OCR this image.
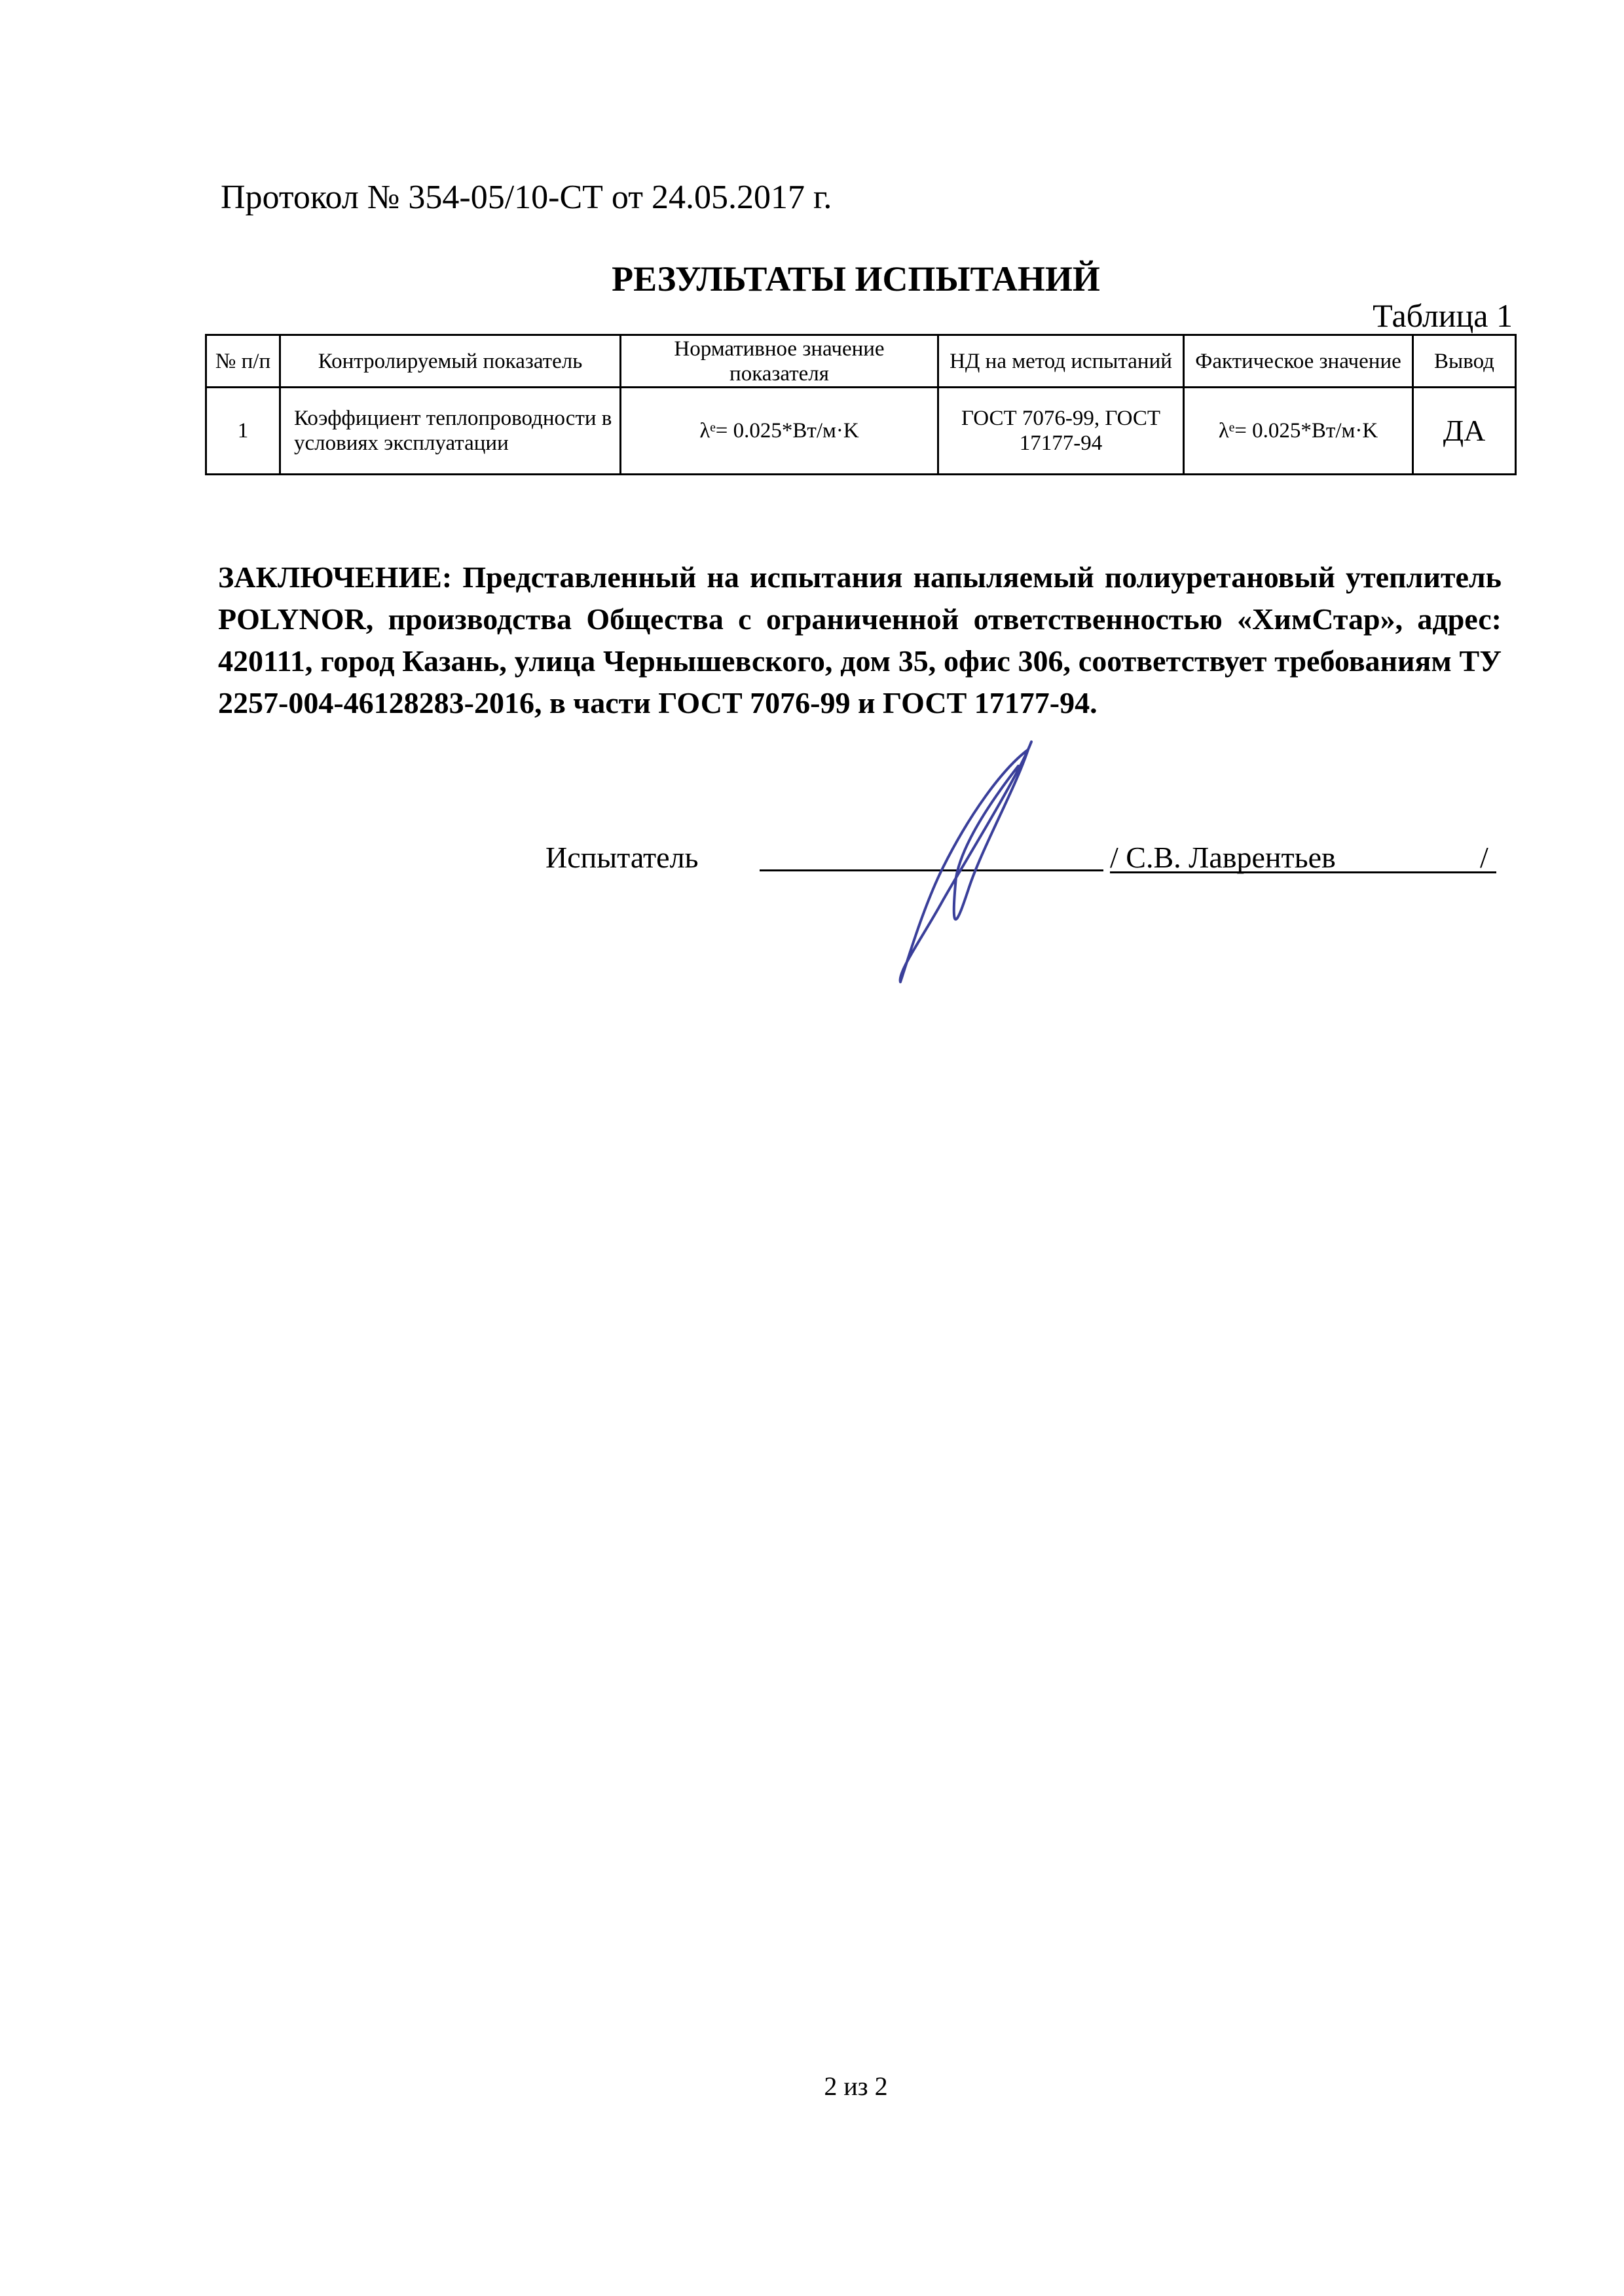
Протокол № 354-05/10-СТ от 24.05.2017 г.
РЕЗУЛЬТАТЫ ИСПЫТАНИЙ
Таблица 1
№ п/п	Контролируемый показатель	Нормативное значение показателя	НД на метод испытаний	Фактическое значение	Вывод
1	Коэффициент теплопроводности в условиях эксплуатации	λᵉ= 0.025*Вт/м·K	ГОСТ 7076-99, ГОСТ 17177-94	λᵉ= 0.025*Вт/м·K	ДА
ЗАКЛЮЧЕНИЕ: Представленный на испытания напыляемый полиуретановый утеплитель POLYNOR, производства Общества с ограниченной ответственностью «ХимСтар», адрес: 420111, город Казань, улица Чернышевского, дом 35, офис 306, соответствует требованиям ТУ 2257-004-46128283-2016, в части ГОСТ 7076-99 и ГОСТ 17177-94.
Испытатель	/ С.В. Лаврентьев	/
2 из 2
